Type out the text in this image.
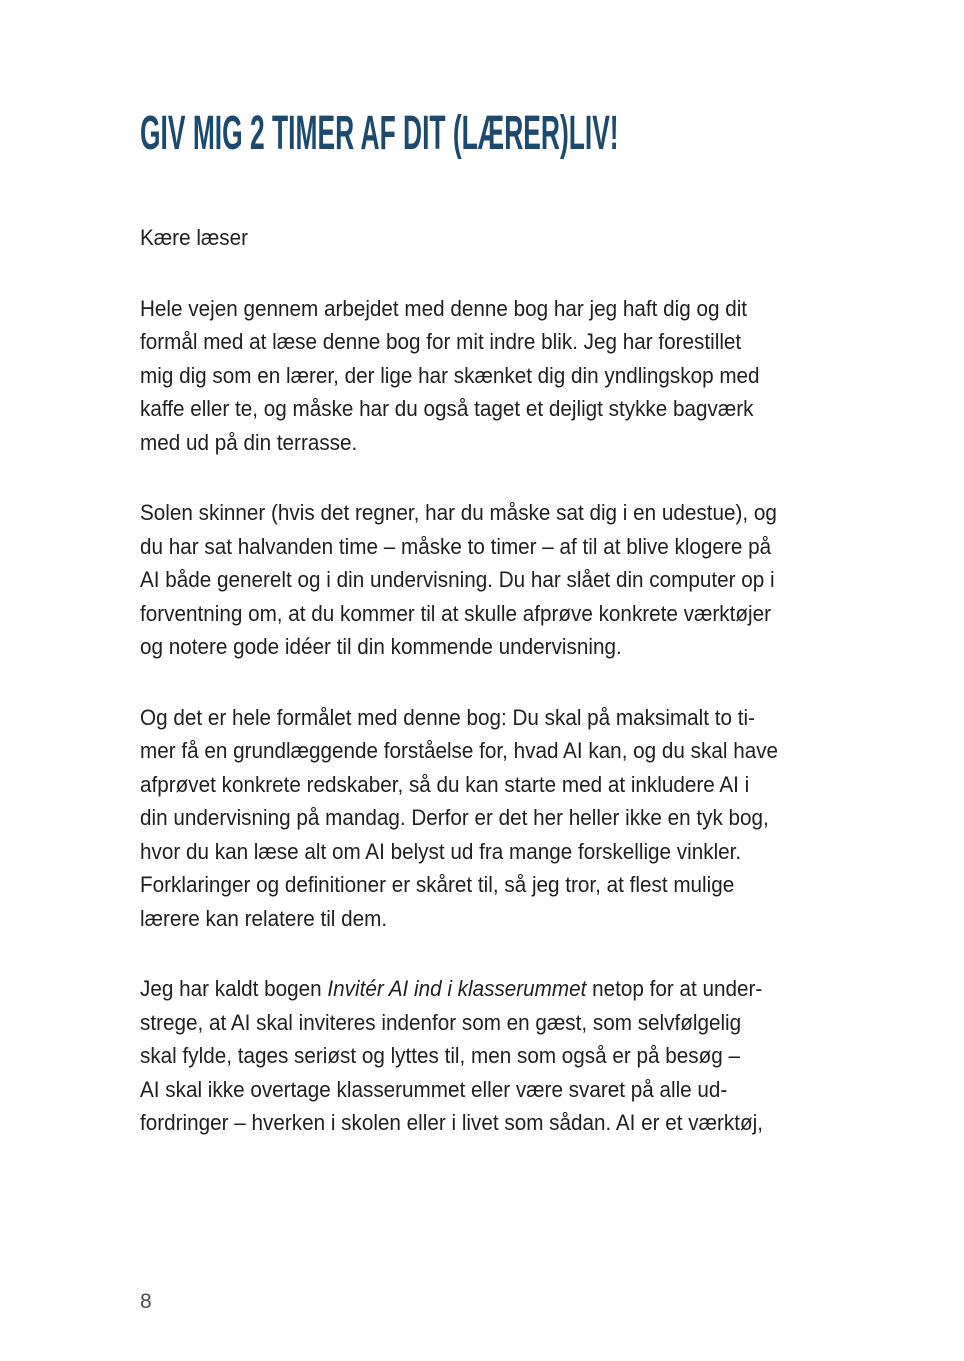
GIV MIG 2 TIMER AF DIT (LÆRER)LIV!

Kære læser

Hele vejen gennem arbejdet med denne bog har jeg haft dig og dit
formål med at læse denne bog for mit indre blik. Jeg har forestillet
mig dig som en lærer, der lige har skænket dig din yndlingskop med
kaffe eller te, og måske har du også taget et dejligt stykke bagværk
med ud på din terrasse.

Solen skinner (hvis det regner, har du måske sat dig i en udestue), og
du har sat halvanden time – måske to timer – af til at blive klogere på
AI både generelt og i din undervisning. Du har slået din computer op i
forventning om, at du kommer til at skulle afprøve konkrete værktøjer
og notere gode idéer til din kommende undervisning.

Og det er hele formålet med denne bog: Du skal på maksimalt to ti-
mer få en grundlæggende forståelse for, hvad AI kan, og du skal have
afprøvet konkrete redskaber, så du kan starte med at inkludere AI i
din undervisning på mandag. Derfor er det her heller ikke en tyk bog,
hvor du kan læse alt om AI belyst ud fra mange forskellige vinkler.
Forklaringer og definitioner er skåret til, så jeg tror, at flest mulige
lærere kan relatere til dem.

Jeg har kaldt bogen Invitér AI ind i klasserummet netop for at under-
strege, at AI skal inviteres indenfor som en gæst, som selvfølgelig
skal fylde, tages seriøst og lyttes til, men som også er på besøg –
AI skal ikke overtage klasserummet eller være svaret på alle ud-
fordringer – hverken i skolen eller i livet som sådan. AI er et værktøj,

8
